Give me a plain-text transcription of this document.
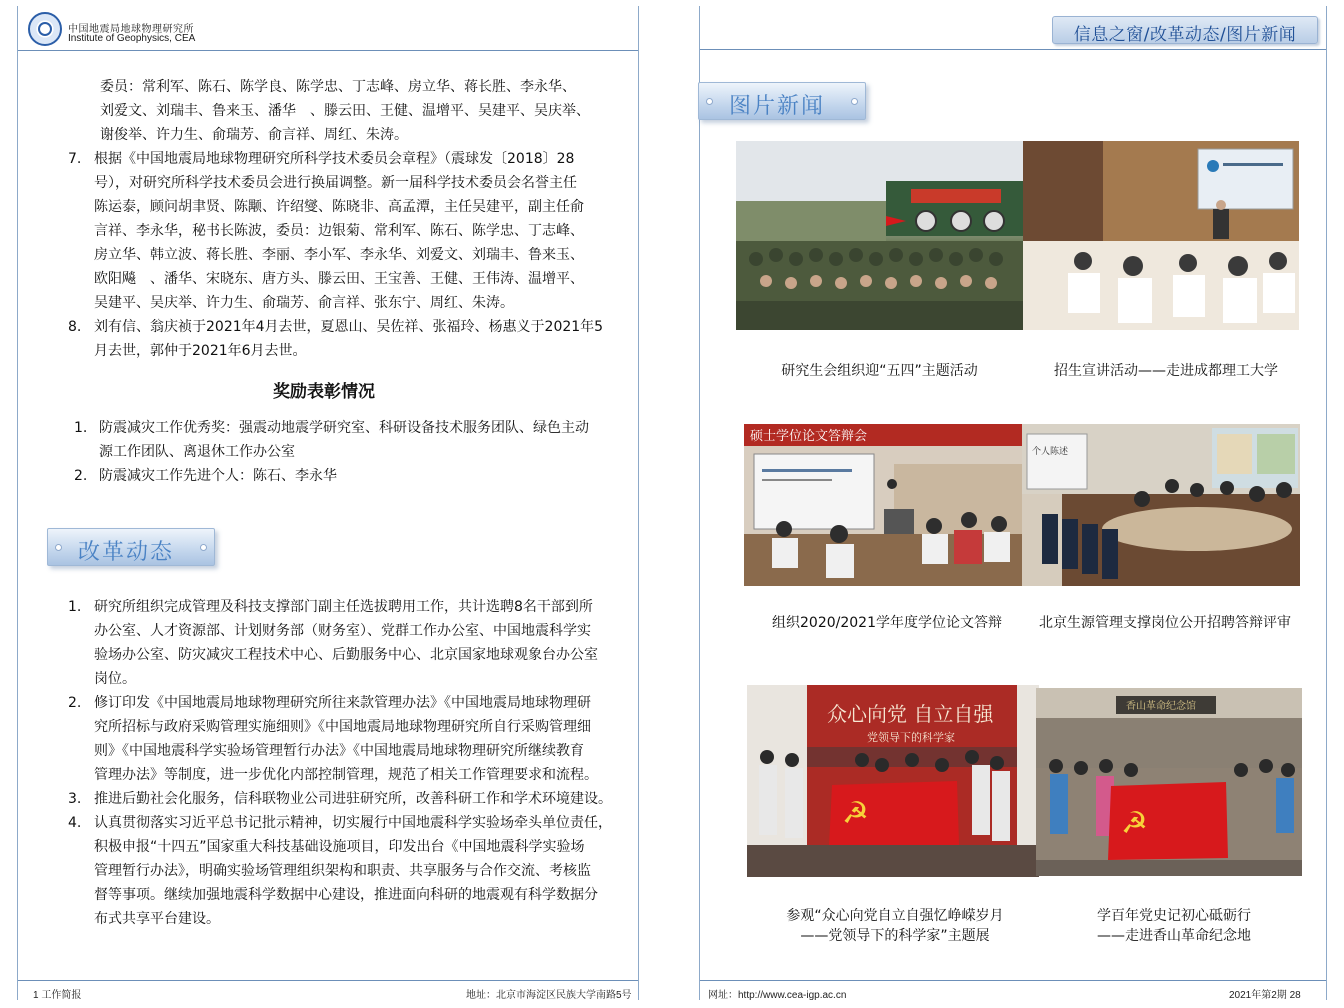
中国地震局地球物理研究所
Institute of Geophysics, CEA	信息之窗/改革动态/图片新闻
委员：常利军、陈石、陈学良、陈学忠、丁志峰、房立华、蒋长胜、李永华、
刘爱文、刘瑞丰、鲁来玉、潘华　、滕云田、王健、温增平、吴建平、吴庆举、
谢俊举、许力生、俞瑞芳、俞言祥、周红、朱涛。
7. 根据《中国地震局地球物理研究所科学技术委员会章程》（震球发〔2018〕28
号），对研究所科学技术委员会进行换届调整。新一届科学技术委员会名誉主任
陈运泰，顾问胡聿贤、陈颙、许绍燮、陈晓非、高孟潭，主任吴建平，副主任俞
言祥、李永华，秘书长陈波，委员：边银菊、常利军、陈石、陈学忠、丁志峰、
房立华、韩立波、蒋长胜、李丽、李小军、李永华、刘爱文、刘瑞丰、鲁来玉、
欧阳飚　、潘华、宋晓东、唐方头、滕云田、王宝善、王健、王伟涛、温增平、
吴建平、吴庆举、许力生、俞瑞芳、俞言祥、张东宁、周红、朱涛。
8. 刘有信、翁庆祯于2021年4月去世，夏恩山、吴佐祥、张福玲、杨惠义于2021年5
月去世，郭仲于2021年6月去世。
奖励表彰情况
1. 防震减灾工作优秀奖：强震动地震学研究室、科研设备技术服务团队、绿色主动
源工作团队、离退休工作办公室
2. 防震减灾工作先进个人：陈石、李永华
改革动态
1. 研究所组织完成管理及科技支撑部门副主任选拔聘用工作，共计选聘8名干部到所
办公室、人才资源部、计划财务部（财务室）、党群工作办公室、中国地震科学实
验场办公室、防灾减灾工程技术中心、后勤服务中心、北京国家地球观象台办公室
岗位。
2. 修订印发《中国地震局地球物理研究所往来款管理办法》《中国地震局地球物理研
究所招标与政府采购管理实施细则》《中国地震局地球物理研究所自行采购管理细
则》《中国地震科学实验场管理暂行办法》《中国地震局地球物理研究所继续教育
管理办法》等制度，进一步优化内部控制管理，规范了相关工作管理要求和流程。
3. 推进后勤社会化服务，信科联物业公司进驻研究所，改善科研工作和学术环境建设。
4. 认真贯彻落实习近平总书记批示精神，切实履行中国地震科学实验场牵头单位责任，
积极申报“十四五”国家重大科技基础设施项目，印发出台《中国地震科学实验场
管理暂行办法》，明确实验场管理组织架构和职责、共享服务与合作交流、考核监
督等事项。继续加强地震科学数据中心建设，推进面向科研的地震观有科学数据分
布式共享平台建设。
图片新闻
研究生会组织迎“五四”主题活动	招生宣讲活动——走进成都理工大学
硕士学位论文答辩会
组织2020/2021学年度学位论文答辩
个人陈述
北京生源管理支撑岗位公开招聘答辩评审
众心向党 自立自强
党领导下的科学家
☭
参观“众心向党自立自强忆峥嵘岁月
——党领导下的科学家”主题展
香山革命纪念馆
☭
学百年党史记初心砥砺行
——走进香山革命纪念地
1 工作简报	地址：北京市海淀区民族大学南路5号	网址：http://www.cea-igp.ac.cn	2021年第2期 28
